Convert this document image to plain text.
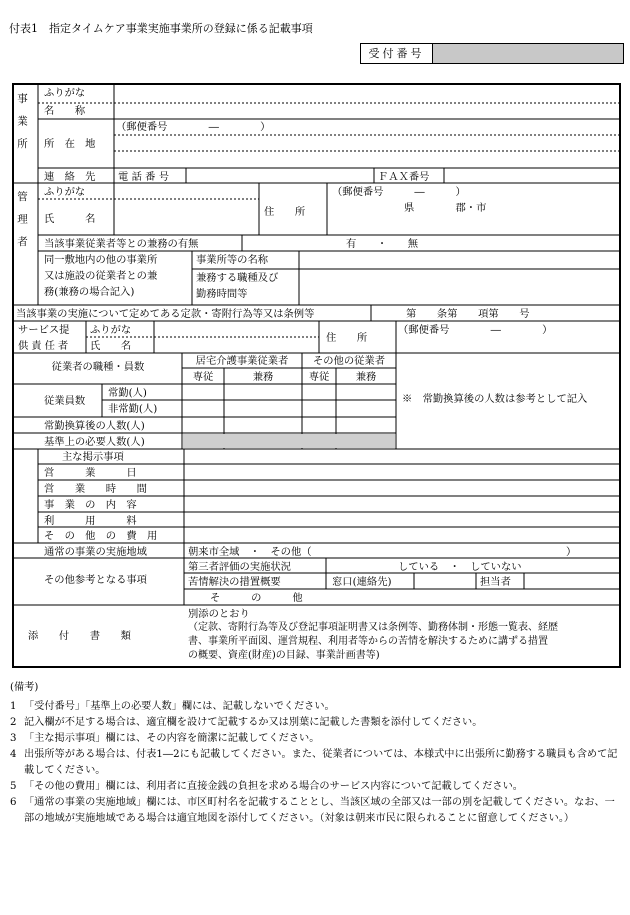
付表1　指定タイムケア事業実施事業所の登録に係る記載事項
受付番号
事業所	ふりがな
名　　称
所　在　地
（郵便番号　　　　―　　　　）
連　絡　先 電 話 番 号	ＦＡＸ番号
管理者	ふりがな
氏　　　名
住　　所
（郵便番号　　　―　　　）
県　　　　郡・市
当該事業従業者等との兼務の有無	有　　・　　無
同一敷地内の他の事業所
又は施設の従業者との兼
務(兼務の場合記入)
事業所等の名称
兼務する職種及び
勤務時間等
当該事業の実施について定めてある定款・寄附行為等又は条例等	第　　条第　　項第　　号
サービス提
供責任者
ふりがな
氏　　名
住　　所
（郵便番号　　　　―　　　　）
従業者の職種・員数	居宅介護事業従業者	その他の従業者
専従	兼務	専従	兼務
従業員数
常勤(人)
非常勤(人)
常勤換算後の人数(人)
基準上の必要人数(人)
※　常勤換算後の人数は参考として記入
主な掲示事項
営　　　業　　　日
営　　業　　時　　間
事　業　の　内　容
利　　　用　　　料
そ　の　他　の　費　用
通常の事業の実施地域	朝来市全域　・　その他（	）
その他参考となる事項
第三者評価の実施状況	している　・　していない
苦情解決の措置概要	窓口(連絡先)	担当者
そ　　　の　　　他
添　　付　　書　　類
別添のとおり
（定款、寄附行為等及び登記事項証明書又は条例等、勤務体制・形態一覧表、経歴
書、事業所平面図、運営規程、利用者等からの苦情を解決するために講ずる措置
の概要、資産(財産)の目録、事業計画書等)

(備考)

1 「受付番号」「基準上の必要人数」欄には、記載しないでください。
2 記入欄が不足する場合は、適宜欄を設けて記載するか又は別葉に記載した書類を添付してください。
3 「主な掲示事項」欄には、その内容を簡潔に記載してください。
4 出張所等がある場合は、付表1―2にも記載してください。また、従業者については、本様式中に出張所に勤務する職員も含めて記載してください。
5 「その他の費用」欄には、利用者に直接金銭の負担を求める場合のサービス内容について記載してください。
6 「通常の事業の実施地域」欄には、市区町村名を記載することとし、当該区域の全部又は一部の別を記載してください。なお、一部の地域が実施地域である場合は適宜地図を添付してください。（対象は朝来市民に限られることに留意してください。）
